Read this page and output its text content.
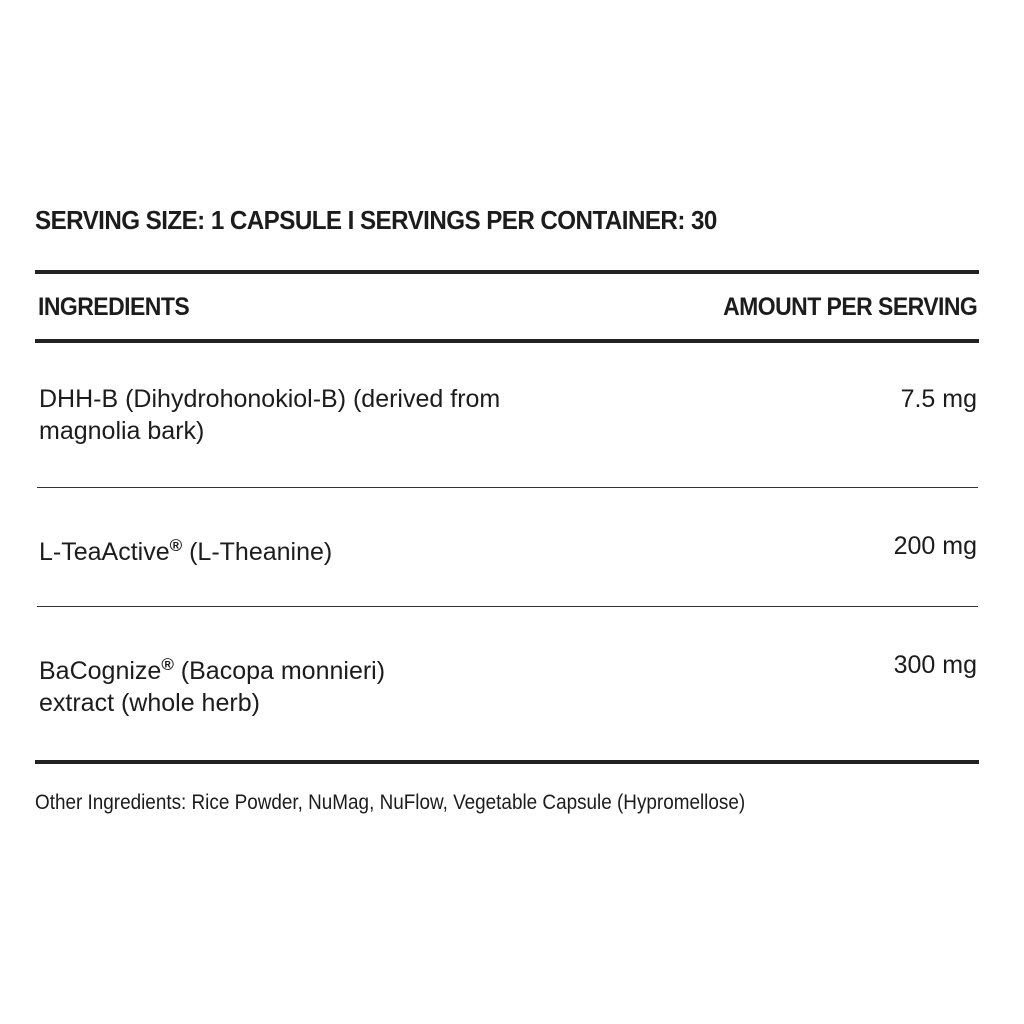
SERVING SIZE: 1 CAPSULE I SERVINGS PER CONTAINER: 30
INGREDIENTS	AMOUNT PER SERVING
DHH-B (Dihydrohonokiol-B) (derived from magnolia bark)
7.5 mg
L-TeaActive® (L-Theanine)	200 mg
BaCognize® (Bacopa monnieri) extract (whole herb)
300 mg
Other Ingredients: Rice Powder, NuMag, NuFlow, Vegetable Capsule (Hypromellose)
